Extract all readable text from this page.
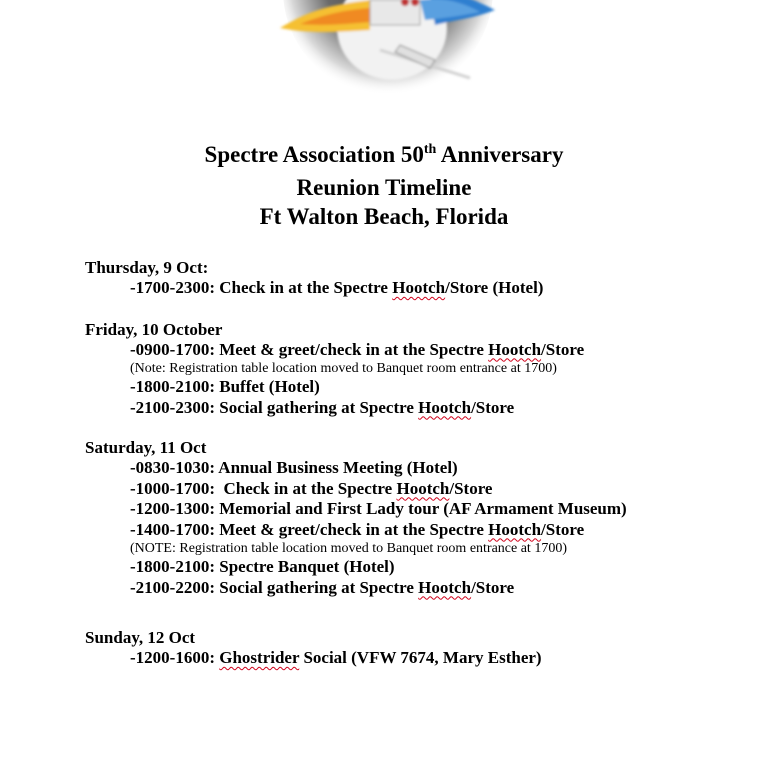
Spectre Association 50th Anniversary
Reunion Timeline
Ft Walton Beach, Florida
Thursday, 9 Oct:
-1700-2300: Check in at the Spectre Hootch/Store (Hotel)
Friday, 10 October
-0900-1700: Meet & greet/check in at the Spectre Hootch/Store
(Note: Registration table location moved to Banquet room entrance at 1700)
-1800-2100: Buffet (Hotel)
-2100-2300: Social gathering at Spectre Hootch/Store
Saturday, 11 Oct
-0830-1030: Annual Business Meeting (Hotel)
-1000-1700:  Check in at the Spectre Hootch/Store
-1200-1300: Memorial and First Lady tour (AF Armament Museum)
-1400-1700: Meet & greet/check in at the Spectre Hootch/Store
(NOTE: Registration table location moved to Banquet room entrance at 1700)
-1800-2100: Spectre Banquet (Hotel)
-2100-2200: Social gathering at Spectre Hootch/Store
Sunday, 12 Oct
-1200-1600: Ghostrider Social (VFW 7674, Mary Esther)
